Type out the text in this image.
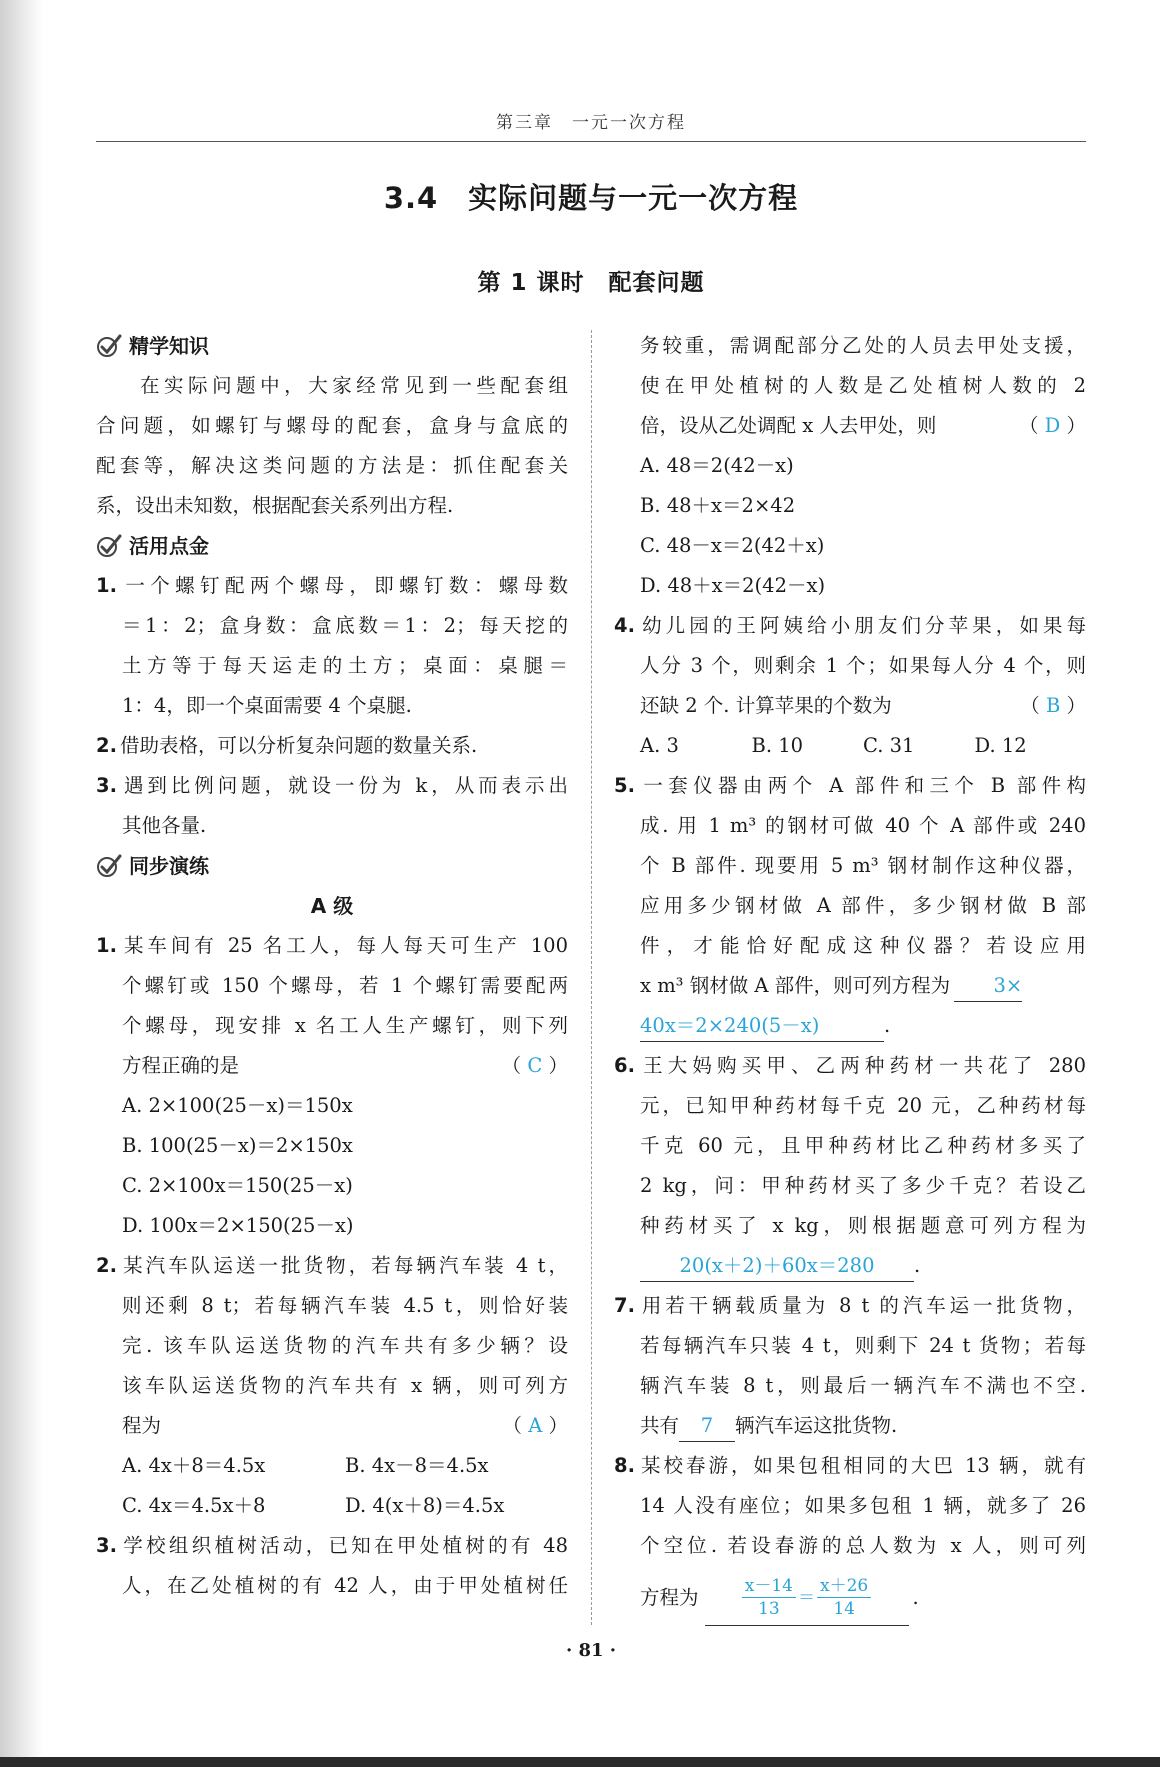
第三章　一元一次方程
3.4　实际问题与一元一次方程
第 1 课时　配套问题
精学知识
在实际问题中，大家经常见到一些配套组
合问题，如螺钉与螺母的配套，盒身与盒底的
配套等，解决这类问题的方法是：抓住配套关
系，设出未知数，根据配套关系列出方程.
活用点金
1. 一个螺钉配两个螺母，即螺钉数：螺母数
＝1：2；盒身数：盒底数＝1：2；每天挖的
土方等于每天运走的土方；桌面：桌腿＝
1：4，即一个桌面需要 4 个桌腿.
2. 借助表格，可以分析复杂问题的数量关系.
3. 遇到比例问题，就设一份为 k，从而表示出
其他各量.
同步演练
A 级
1. 某车间有 25 名工人，每人每天可生产 100
个螺钉或 150 个螺母，若 1 个螺钉需要配两
个螺母，现安排 x 名工人生产螺钉，则下列
方程正确的是	（ C ）
A. 2×100(25－x)＝150x
B. 100(25－x)＝2×150x
C. 2×100x＝150(25－x)
D. 100x＝2×150(25－x)
2. 某汽车队运送一批货物，若每辆汽车装 4 t，
则还剩 8 t；若每辆汽车装 4.5 t，则恰好装
完. 该车队运送货物的汽车共有多少辆？设
该车队运送货物的汽车共有 x 辆，则可列方
程为	（ A ）
A. 4x＋8＝4.5x	B. 4x－8＝4.5x
C. 4x＝4.5x＋8	D. 4(x＋8)＝4.5x
3. 学校组织植树活动，已知在甲处植树的有 48
人，在乙处植树的有 42 人，由于甲处植树任
务较重，需调配部分乙处的人员去甲处支援，
使在甲处植树的人数是乙处植树人数的 2
倍，设从乙处调配 x 人去甲处，则	（ D ）
A. 48＝2(42－x)
B. 48＋x＝2×42
C. 48－x＝2(42＋x)
D. 48＋x＝2(42－x)
4. 幼儿园的王阿姨给小朋友们分苹果，如果每
人分 3 个，则剩余 1 个；如果每人分 4 个，则
还缺 2 个. 计算苹果的个数为	（ B ）
A. 3	B. 10	C. 31	D. 12
5. 一套仪器由两个 A 部件和三个 B 部件构
成. 用 1 m³ 的钢材可做 40 个 A 部件或 240
个 B 部件. 现要用 5 m³ 钢材制作这种仪器，
应用多少钢材做 A 部件，多少钢材做 B 部
件，才能恰好配成这种仪器？若设应用
x m³ 钢材做 A 部件，则可列方程为 3×
40x＝2×240(5－x)	.
6. 王大妈购买甲、乙两种药材一共花了 280
元，已知甲种药材每千克 20 元，乙种药材每
千克 60 元，且甲种药材比乙种药材多买了
2 kg，问：甲种药材买了多少千克？若设乙
种药材买了 x kg，则根据题意可列方程为
20(x＋2)＋60x＝280 .
7. 用若干辆载质量为 8 t 的汽车运一批货物，
若每辆汽车只装 4 t，则剩下 24 t 货物；若每
辆汽车装 8 t，则最后一辆汽车不满也不空.
共有 7 辆汽车运这批货物.
8. 某校春游，如果包租相同的大巴 13 辆，就有
14 人没有座位；如果多包租 1 辆，就多了 26
个空位. 若设春游的总人数为 x 人，则可列
方程为	$\frac{x-14}{13} = \frac{x+26}{14}$ .
· 81 ·
